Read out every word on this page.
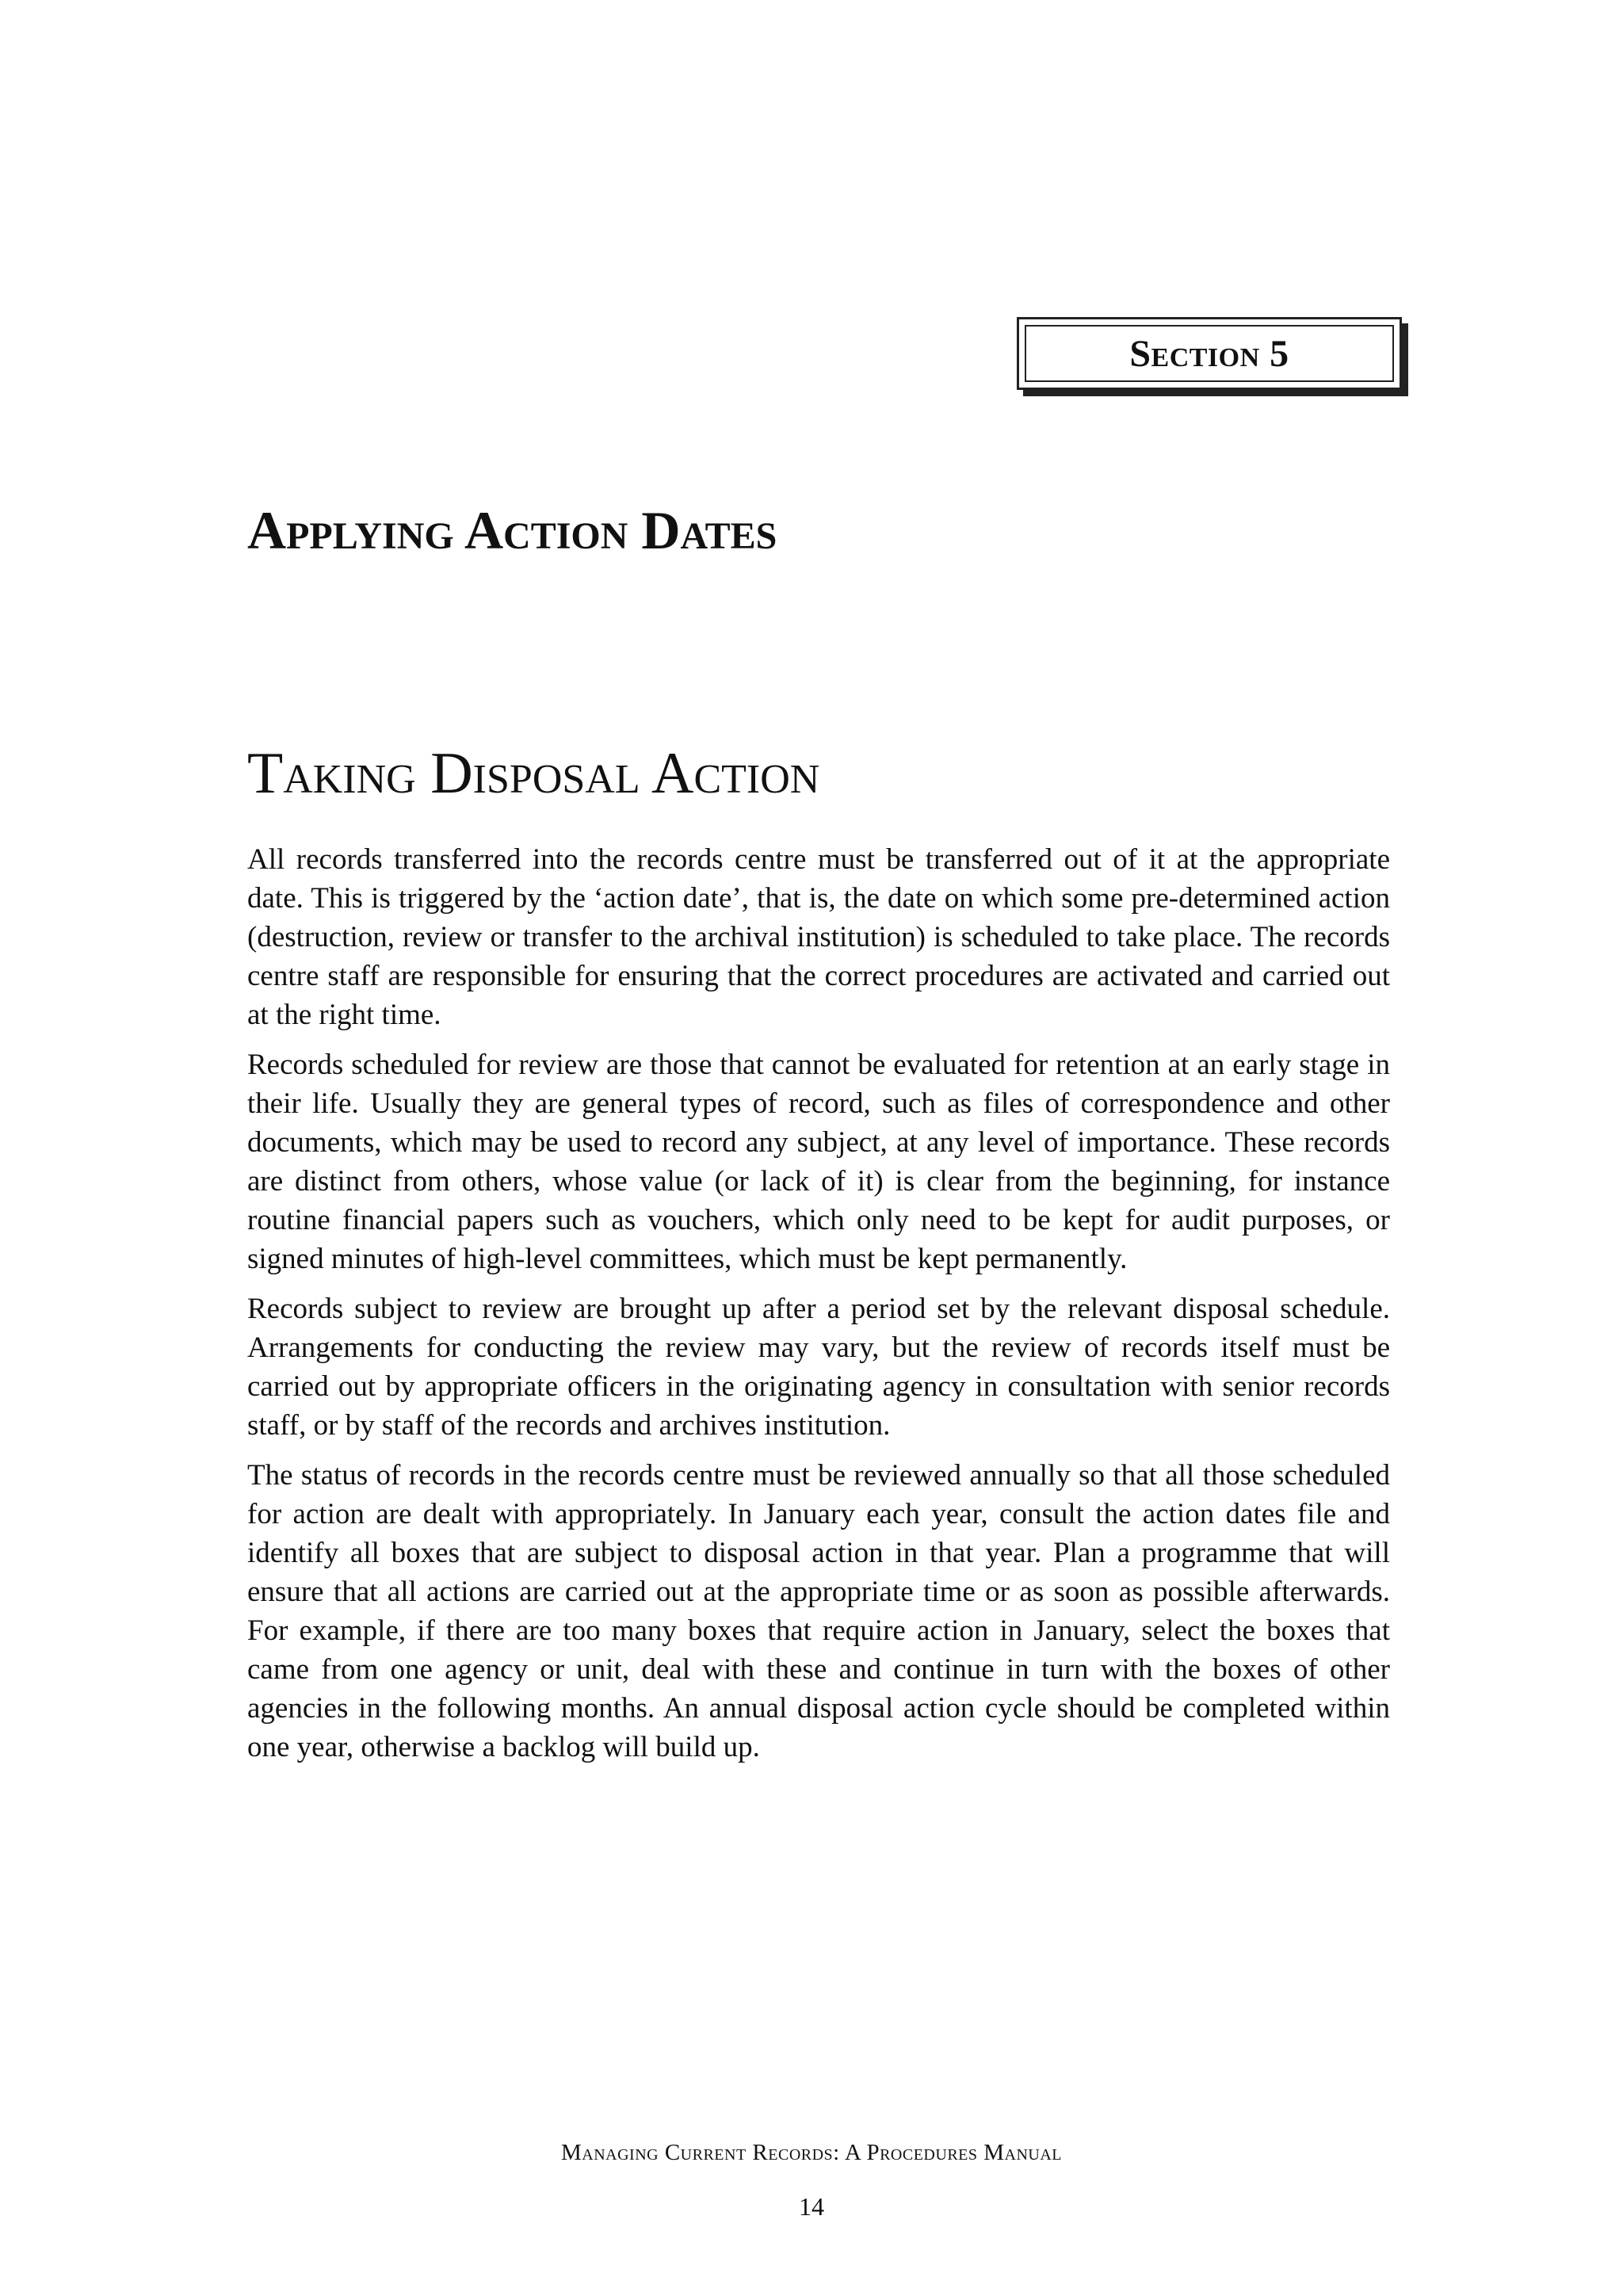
Section 5
Applying Action Dates
Taking Disposal Action

All records transferred into the records centre must be transferred out of it at the appropriate date. This is triggered by the ‘action date’, that is, the date on which some pre-determined action (destruction, review or transfer to the archival institution) is scheduled to take place. The records centre staff are responsible for ensuring that the correct procedures are activated and carried out at the right time.

Records scheduled for review are those that cannot be evaluated for retention at an early stage in their life. Usually they are general types of record, such as files of correspondence and other documents, which may be used to record any subject, at any level of importance. These records are distinct from others, whose value (or lack of it) is clear from the beginning, for instance routine financial papers such as vouchers, which only need to be kept for audit purposes, or signed minutes of high-level committees, which must be kept permanently.

Records subject to review are brought up after a period set by the relevant disposal schedule. Arrangements for conducting the review may vary, but the review of records itself must be carried out by appropriate officers in the originating agency in consultation with senior records staff, or by staff of the records and archives institution.

The status of records in the records centre must be reviewed annually so that all those scheduled for action are dealt with appropriately. In January each year, consult the action dates file and identify all boxes that are subject to disposal action in that year. Plan a programme that will ensure that all actions are carried out at the appropriate time or as soon as possible afterwards. For example, if there are too many boxes that require action in January, select the boxes that came from one agency or unit, deal with these and continue in turn with the boxes of other agencies in the following months. An annual disposal action cycle should be completed within one year, otherwise a backlog will build up.

Managing Current Records: A Procedures Manual
14
